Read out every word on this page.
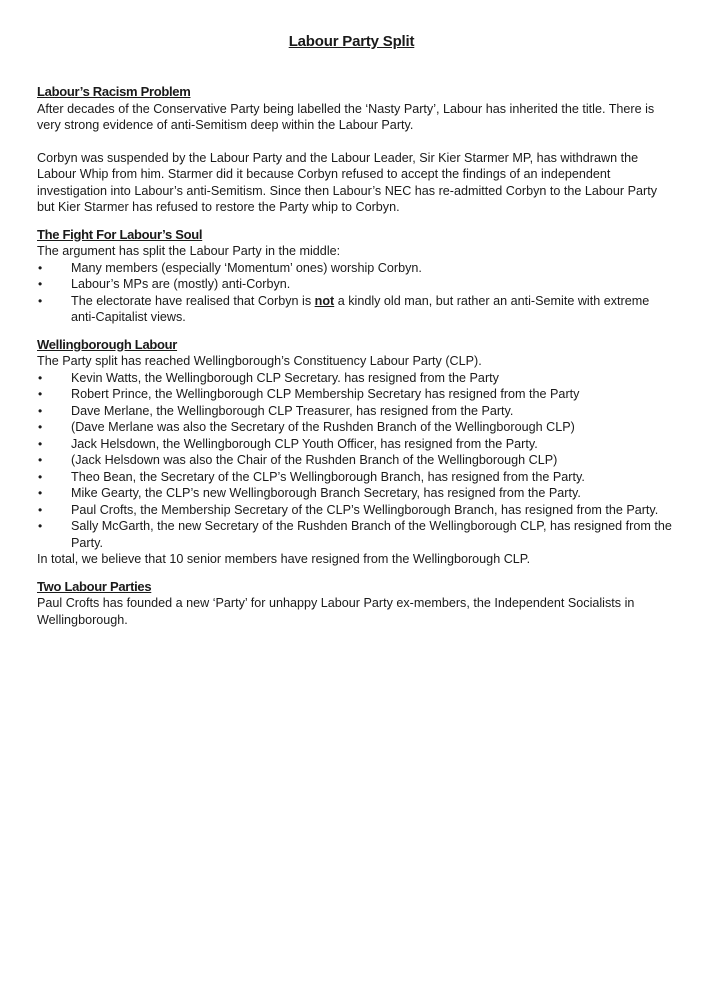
Labour Party Split

Labour’s Racism Problem

After decades of the Conservative Party being labelled the ‘Nasty Party’, Labour has inherited the title. There is very strong evidence of anti-Semitism deep within the Labour Party.

Corbyn was suspended by the Labour Party and the Labour Leader, Sir Kier Starmer MP, has withdrawn the Labour Whip from him. Starmer did it because Corbyn refused to accept the findings of an independent investigation into Labour’s anti-Semitism. Since then Labour’s NEC has re-admitted Corbyn to the Labour Party but Kier Starmer has refused to restore the Party whip to Corbyn.

The Fight For Labour’s Soul

The argument has split the Labour Party in the middle:

• Many members (especially ‘Momentum’ ones) worship Corbyn.
• Labour’s MPs are (mostly) anti-Corbyn.
• The electorate have realised that Corbyn is not a kindly old man, but rather an anti-Semite with extreme anti-Capitalist views.

Wellingborough Labour

The Party split has reached Wellingborough’s Constituency Labour Party (CLP).

• Kevin Watts, the Wellingborough CLP Secretary. has resigned from the Party
• Robert Prince, the Wellingborough CLP Membership Secretary has resigned from the Party
• Dave Merlane, the Wellingborough CLP Treasurer, has resigned from the Party.
• (Dave Merlane was also the Secretary of the Rushden Branch of the Wellingborough CLP)
• Jack Helsdown, the Wellingborough CLP Youth Officer, has resigned from the Party.
• (Jack Helsdown was also the Chair of the Rushden Branch of the Wellingborough CLP)
• Theo Bean, the Secretary of the CLP’s Wellingborough Branch, has resigned from the Party.
• Mike Gearty, the CLP’s new Wellingborough Branch Secretary, has resigned from the Party.
• Paul Crofts, the Membership Secretary of the CLP’s Wellingborough Branch, has resigned from the Party.
• Sally McGarth, the new Secretary of the Rushden Branch of the Wellingborough CLP, has resigned from the Party.

In total, we believe that 10 senior members have resigned from the Wellingborough CLP.

Two Labour Parties

Paul Crofts has founded a new ‘Party’ for unhappy Labour Party ex-members, the Independent Socialists in Wellingborough.
